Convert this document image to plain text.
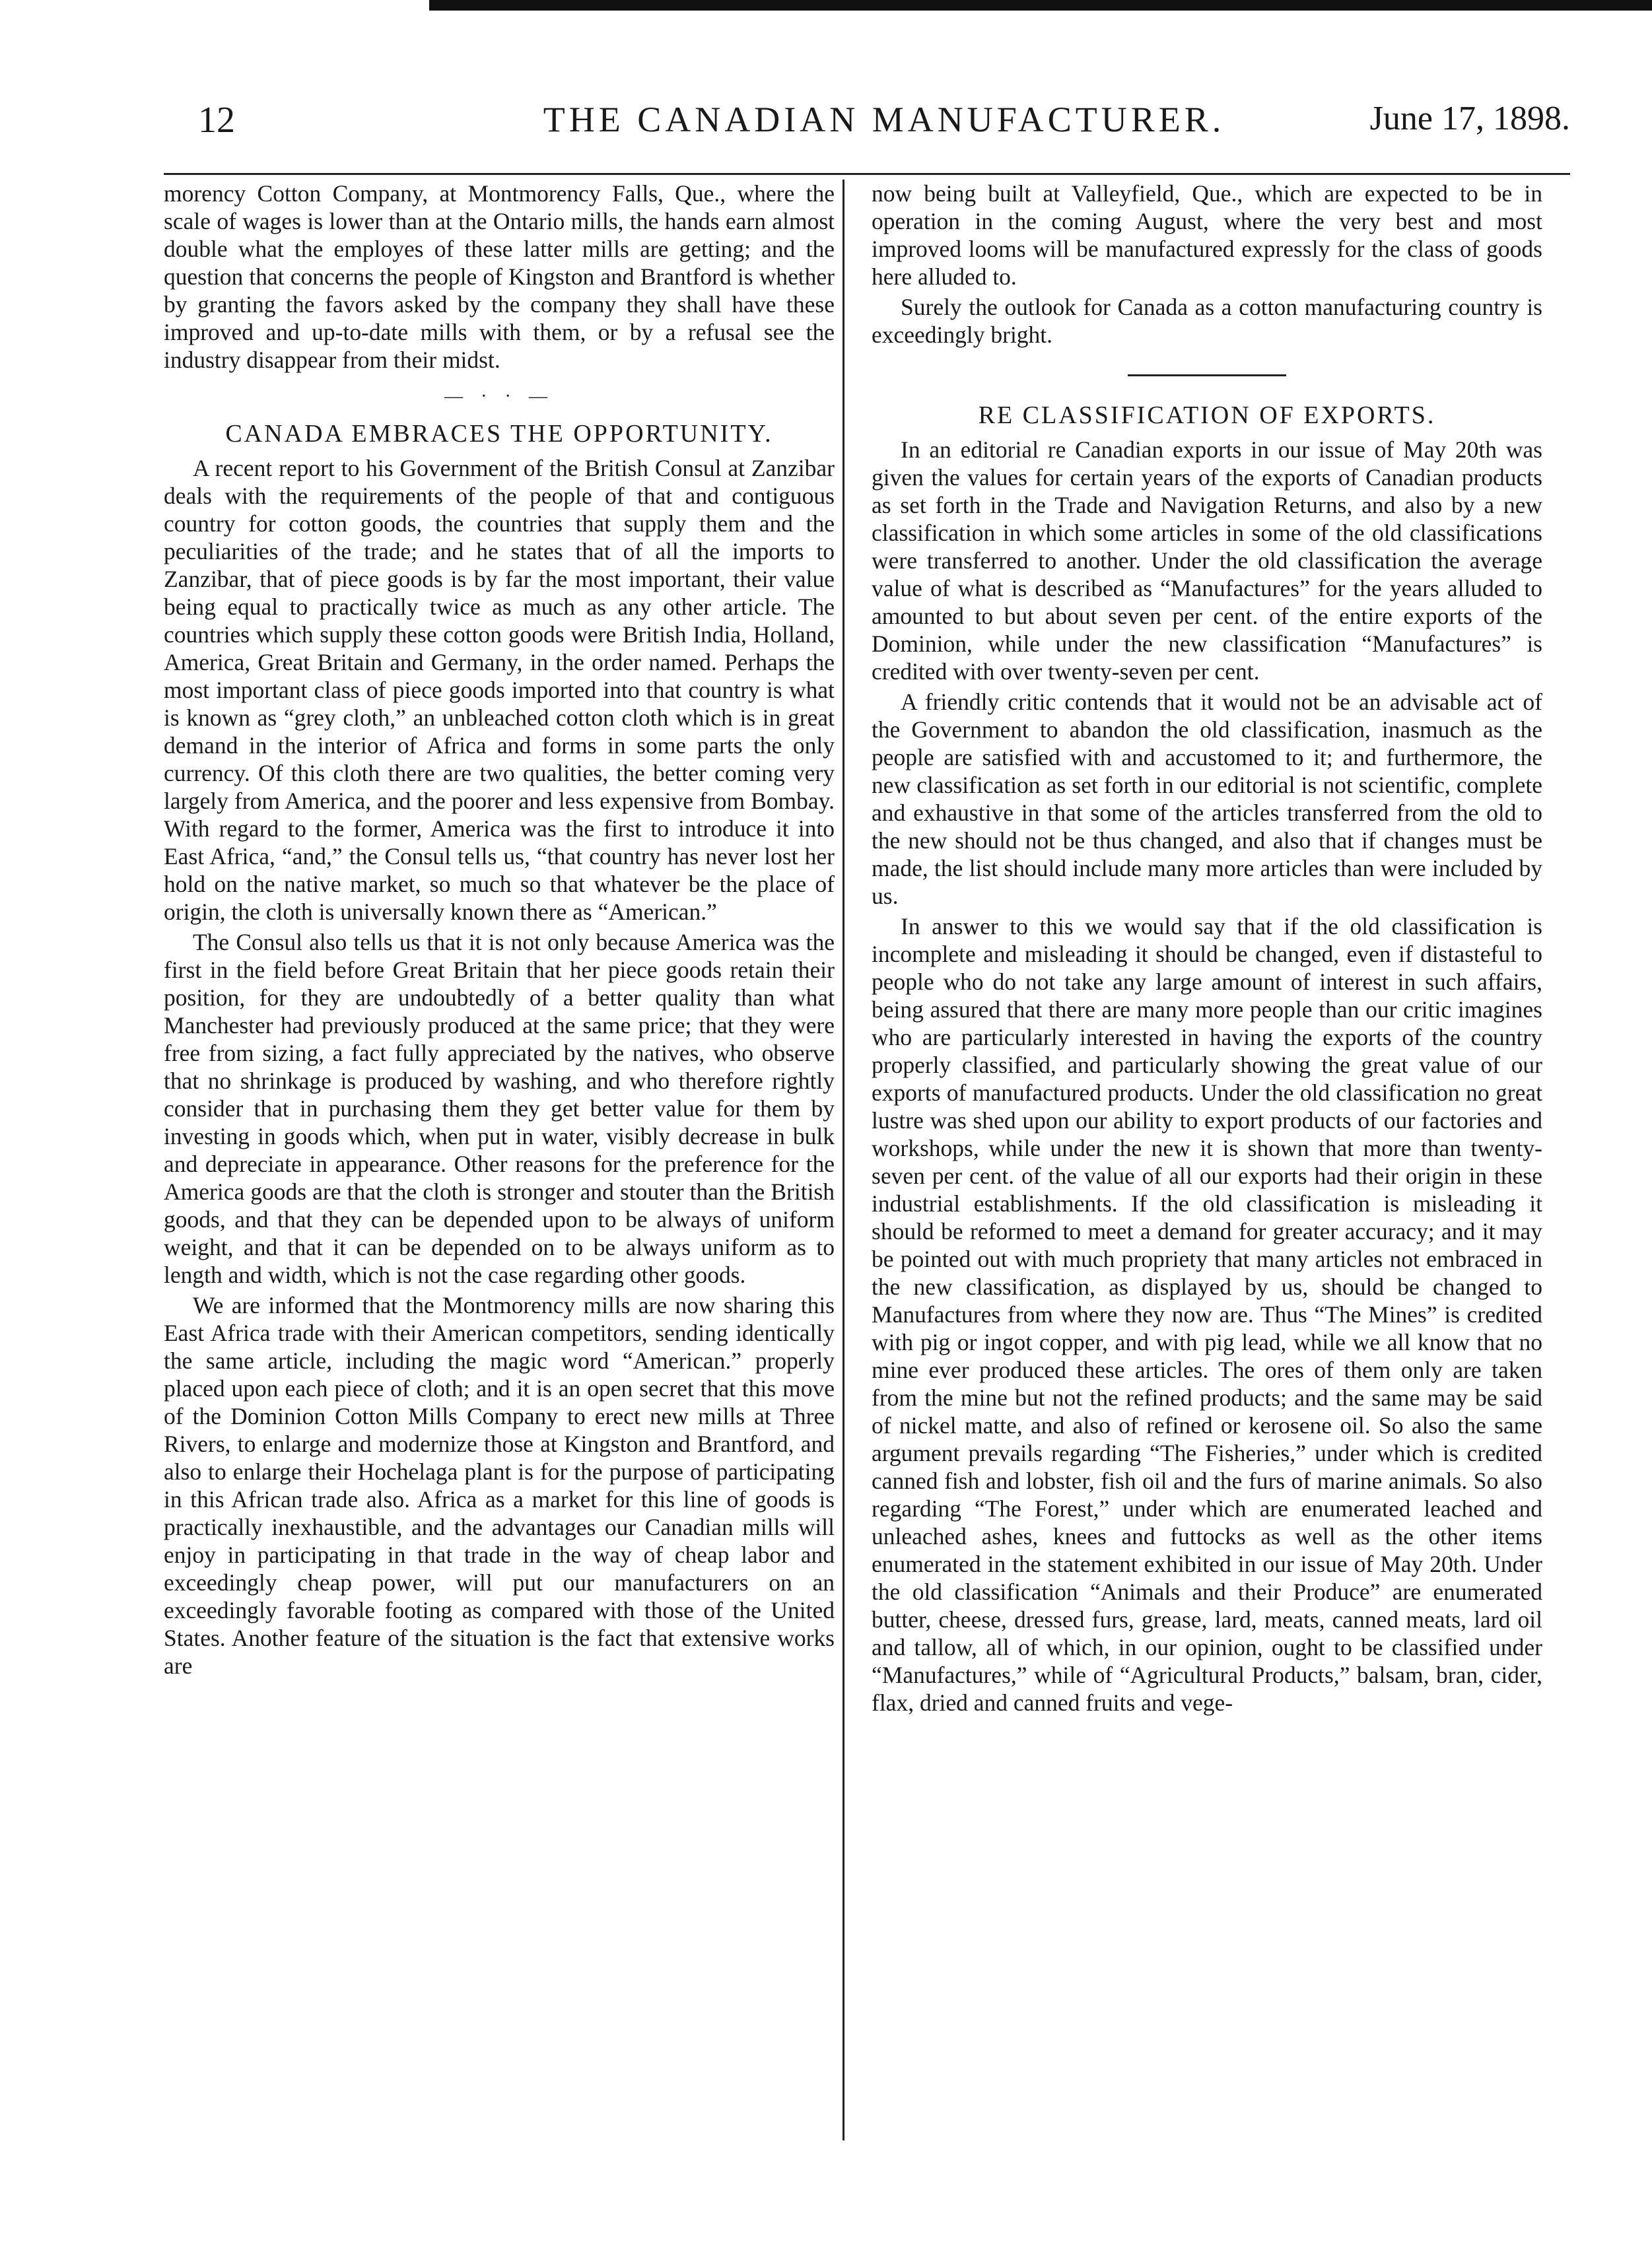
12	THE CANADIAN MANUFACTURER.	June 17, 1898.

morency Cotton Company, at Montmorency Falls, Que., where the scale of wages is lower than at the Ontario mills, the hands earn almost double what the employes of these latter mills are getting; and the question that concerns the people of Kingston and Brantford is whether by granting the favors asked by the company they shall have these improved and up-to-date mills with them, or by a refusal see the industry disappear from their midst.

— · · —
CANADA EMBRACES THE OPPORTUNITY.

A recent report to his Government of the British Consul at Zanzibar deals with the requirements of the people of that and contiguous country for cotton goods, the countries that supply them and the peculiarities of the trade; and he states that of all the imports to Zanzibar, that of piece goods is by far the most important, their value being equal to practically twice as much as any other article. The countries which supply these cotton goods were British India, Holland, America, Great Britain and Germany, in the order named. Perhaps the most important class of piece goods imported into that country is what is known as “grey cloth,” an unbleached cotton cloth which is in great demand in the interior of Africa and forms in some parts the only currency. Of this cloth there are two qualities, the better coming very largely from America, and the poorer and less expensive from Bombay. With regard to the former, America was the first to introduce it into East Africa, “and,” the Consul tells us, “that country has never lost her hold on the native market, so much so that whatever be the place of origin, the cloth is universally known there as “American.”

The Consul also tells us that it is not only because America was the first in the field before Great Britain that her piece goods retain their position, for they are undoubtedly of a better quality than what Manchester had previously produced at the same price; that they were free from sizing, a fact fully appreciated by the natives, who observe that no shrinkage is produced by washing, and who therefore rightly consider that in purchasing them they get better value for them by investing in goods which, when put in water, visibly decrease in bulk and depreciate in appearance. Other reasons for the preference for the America goods are that the cloth is stronger and stouter than the British goods, and that they can be depended upon to be always of uniform weight, and that it can be depended on to be always uniform as to length and width, which is not the case regarding other goods.

We are informed that the Montmorency mills are now sharing this East Africa trade with their American competitors, sending identically the same article, including the magic word “American.” properly placed upon each piece of cloth; and it is an open secret that this move of the Dominion Cotton Mills Company to erect new mills at Three Rivers, to enlarge and modernize those at Kingston and Brantford, and also to enlarge their Hochelaga plant is for the purpose of participating in this African trade also. Africa as a market for this line of goods is practically inexhaustible, and the advantages our Canadian mills will enjoy in participating in that trade in the way of cheap labor and exceedingly cheap power, will put our manufacturers on an exceedingly favorable footing as compared with those of the United States. Another feature of the situation is the fact that extensive works are

now being built at Valleyfield, Que., which are expected to be in operation in the coming August, where the very best and most improved looms will be manufactured expressly for the class of goods here alluded to.

Surely the outlook for Canada as a cotton manufacturing country is exceedingly bright.

RE CLASSIFICATION OF EXPORTS.

In an editorial re Canadian exports in our issue of May 20th was given the values for certain years of the exports of Canadian products as set forth in the Trade and Navigation Returns, and also by a new classification in which some articles in some of the old classifications were transferred to another. Under the old classification the average value of what is described as “Manufactures” for the years alluded to amounted to but about seven per cent. of the entire exports of the Dominion, while under the new classification “Manufactures” is credited with over twenty-seven per cent.

A friendly critic contends that it would not be an advisable act of the Government to abandon the old classification, inasmuch as the people are satisfied with and accustomed to it; and furthermore, the new classification as set forth in our editorial is not scientific, complete and exhaustive in that some of the articles transferred from the old to the new should not be thus changed, and also that if changes must be made, the list should include many more articles than were included by us.

In answer to this we would say that if the old classification is incomplete and misleading it should be changed, even if distasteful to people who do not take any large amount of interest in such affairs, being assured that there are many more people than our critic imagines who are particularly interested in having the exports of the country properly classified, and particularly showing the great value of our exports of manufactured products. Under the old classification no great lustre was shed upon our ability to export products of our factories and workshops, while under the new it is shown that more than twenty-seven per cent. of the value of all our exports had their origin in these industrial establishments. If the old classification is misleading it should be reformed to meet a demand for greater accuracy; and it may be pointed out with much propriety that many articles not embraced in the new classification, as displayed by us, should be changed to Manufactures from where they now are. Thus “The Mines” is credited with pig or ingot copper, and with pig lead, while we all know that no mine ever produced these articles. The ores of them only are taken from the mine but not the refined products; and the same may be said of nickel matte, and also of refined or kerosene oil. So also the same argument prevails regarding “The Fisheries,” under which is credited canned fish and lobster, fish oil and the furs of marine animals. So also regarding “The Forest,” under which are enumerated leached and unleached ashes, knees and futtocks as well as the other items enumerated in the statement exhibited in our issue of May 20th. Under the old classification “Animals and their Produce” are enumerated butter, cheese, dressed furs, grease, lard, meats, canned meats, lard oil and tallow, all of which, in our opinion, ought to be classified under “Manufactures,” while of “Agricultural Products,” balsam, bran, cider, flax, dried and canned fruits and vege-
